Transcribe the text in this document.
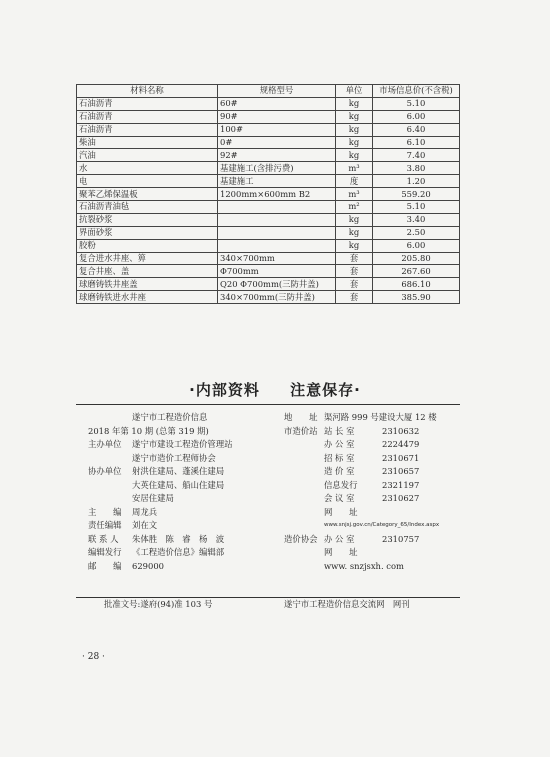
材料名称	规格型号	单位	市场信息价(不含税)
石油沥青	60#	kg	5.10
石油沥青	90#	kg	6.00
石油沥青	100#	kg	6.40
柴油	0#	kg	6.10
汽油	92#	kg	7.40
水	基建施工(含排污费)	m³	3.80
电	基建施工	度	1.20
聚苯乙烯保温板	1200mm×600mm B2	m³	559.20
石油沥青油毡		m²	5.10
抗裂砂浆		kg	3.40
界面砂浆		kg	2.50
胶粉		kg	6.00
复合进水井座、箅	340×700mm	套	205.80
复合井座、盖	Φ700mm	套	267.60
球磨铸铁井座盖	Q20 Φ700mm(三防井盖)	套	686.10
球磨铸铁进水井座	340×700mm(三防井盖)	套	385.90
·内部资料 注意保存·
遂宁市工程造价信息
2018 年第 10 期 (总第 319 期)
主办单位 遂宁市建设工程造价管理站
遂宁市造价工程师协会
协办单位 射洪住建局、蓬溪住建局
大英住建局、船山住建局
安居住建局
主　　编 周龙兵
责任编辑 刘在文
联 系 人 朱体胜　陈　睿　杨　波
编辑发行 《工程造价信息》编辑部
邮　　编 629000
地　　址 渠河路 999 号建设大厦 12 楼
市造价站 站 长 室	2310632
办 公 室	2224479
招 标 室	2310671
造 价 室	2310657
信息发行	2321197
会 议 室	2310627
网　　址
www.snjsj.gov.cn/Category_65/Index.aspx
造价协会 办 公 室	2310757
网　　址
www. snzjsxh. com
批准文号:遂府(94)准 103 号	遂宁市工程造价信息交流网　网刊
· 28 ·
